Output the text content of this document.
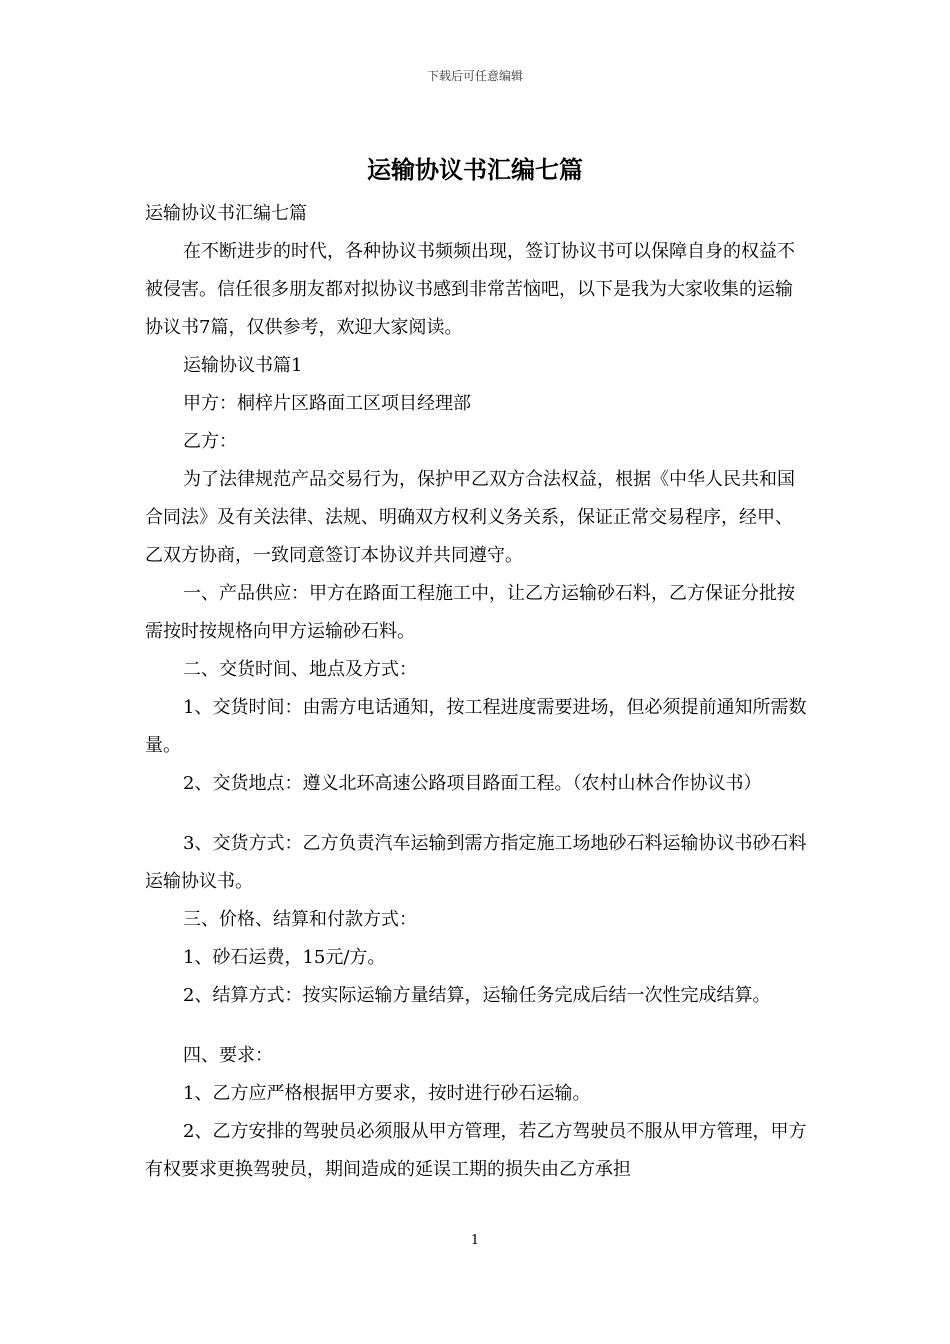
下载后可任意编辑
运输协议书汇编七篇

运输协议书汇编七篇

在不断进步的时代，各种协议书频频出现，签订协议书可以保障自身的权益不被侵害。信任很多朋友都对拟协议书感到非常苦恼吧，以下是我为大家收集的运输协议书7篇，仅供参考，欢迎大家阅读。

运输协议书篇1

甲方：桐梓片区路面工区项目经理部

乙方：

为了法律规范产品交易行为，保护甲乙双方合法权益，根据《中华人民共和国合同法》及有关法律、法规、明确双方权利义务关系，保证正常交易程序，经甲、乙双方协商，一致同意签订本协议并共同遵守。

一、产品供应：甲方在路面工程施工中，让乙方运输砂石料，乙方保证分批按需按时按规格向甲方运输砂石料。

二、交货时间、地点及方式：

1、交货时间：由需方电话通知，按工程进度需要进场，但必须提前通知所需数量。

2、交货地点：遵义北环高速公路项目路面工程。（农村山林合作协议书）

3、交货方式：乙方负责汽车运输到需方指定施工场地砂石料运输协议书砂石料运输协议书。

三、价格、结算和付款方式：

1、砂石运费，15元/方。

2、结算方式：按实际运输方量结算，运输任务完成后结一次性完成结算。

四、要求：

1、乙方应严格根据甲方要求，按时进行砂石运输。

2、乙方安排的驾驶员必须服从甲方管理，若乙方驾驶员不服从甲方管理，甲方有权要求更换驾驶员，期间造成的延误工期的损失由乙方承担

1
